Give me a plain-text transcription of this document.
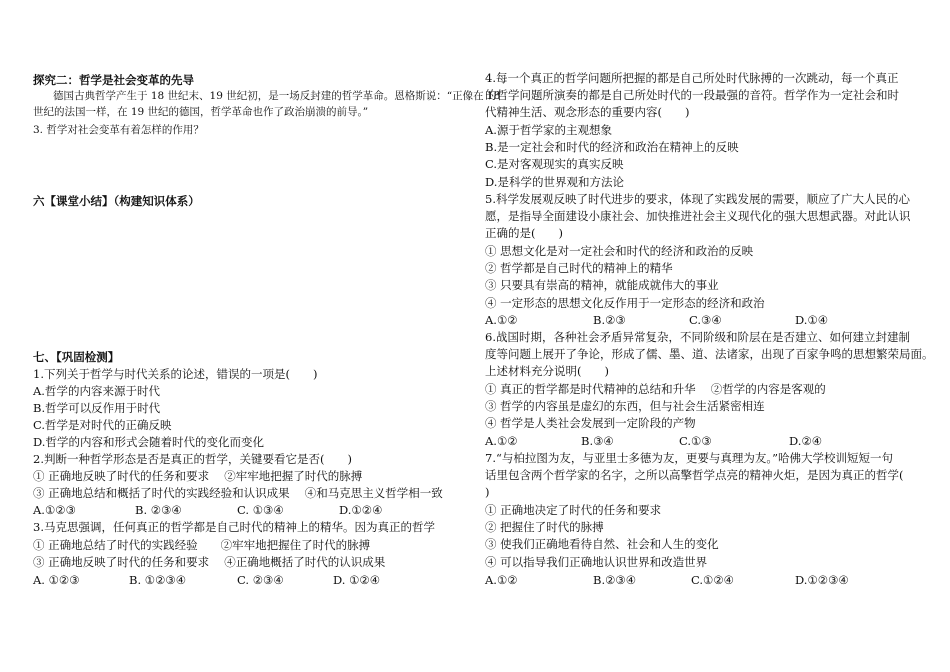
探究二：哲学是社会变革的先导
德国古典哲学产生于 18 世纪末、19 世纪初，是一场反封建的哲学革命。恩格斯说：“正像在 18
世纪的法国一样，在 19 世纪的德国，哲学革命也作了政治崩溃的前导。”
3. 哲学对社会变革有着怎样的作用？
六【课堂小结】（构建知识体系）
七、【巩固检测】
1.下列关于哲学与时代关系的论述，错误的一项是(　　)
A.哲学的内容来源于时代
B.哲学可以反作用于时代
C.哲学是对时代的正确反映
D.哲学的内容和形式会随着时代的变化而变化
2.判断一种哲学形态是否是真正的哲学，关键要看它是否(　　)
① 正确地反映了时代的任务和要求　 ②牢牢地把握了时代的脉搏
③ 正确地总结和概括了时代的实践经验和认识成果　 ④和马克思主义哲学相一致
A.①②③	B. ②③④	C. ①③④	D.①②④
3.马克思强调，任何真正的哲学都是自己时代的精神上的精华。因为真正的哲学
① 正确地总结了时代的实践经验　　②牢牢地把握住了时代的脉搏
③ 正确地反映了时代的任务和要求　 ④正确地概括了时代的认识成果
A. ①②③	B. ①②③④	C. ②③④	D. ①②④
4.每一个真正的哲学问题所把握的都是自己所处时代脉搏的一次跳动，每一个真正
的哲学问题所演奏的都是自己所处时代的一段最强的音符。哲学作为一定社会和时
代精神生活、观念形态的重要内容(　　)
A.源于哲学家的主观想象
B.是一定社会和时代的经济和政治在精神上的反映
C.是对客观现实的真实反映
D.是科学的世界观和方法论
5.科学发展观反映了时代进步的要求，体现了实践发展的需要，顺应了广大人民的心
愿，是指导全面建设小康社会、加快推进社会主义现代化的强大思想武器。对此认识
正确的是(　　)
① 思想文化是对一定社会和时代的经济和政治的反映
② 哲学都是自己时代的精神上的精华
③ 只要具有崇高的精神，就能成就伟大的事业
④ 一定形态的思想文化反作用于一定形态的经济和政治
A.①②	B.②③	C.③④	D.①④
6.战国时期，各种社会矛盾异常复杂，不同阶级和阶层在是否建立、如何建立封建制
度等问题上展开了争论，形成了儒、墨、道、法诸家，出现了百家争鸣的思想繁荣局面。
上述材料充分说明(　　)
① 真正的哲学都是时代精神的总结和升华　 ②哲学的内容是客观的
③ 哲学的内容虽是虚幻的东西，但与社会生活紧密相连
④ 哲学是人类社会发展到一定阶段的产物
A.①②	B.③④	C.①③	D.②④
7.“与柏拉图为友，与亚里士多德为友，更要与真理为友。”哈佛大学校训短短一句
话里包含两个哲学家的名字，之所以高擎哲学点亮的精神火炬，是因为真正的哲学(
)
① 正确地决定了时代的任务和要求
② 把握住了时代的脉搏
③ 使我们正确地看待自然、社会和人生的变化
④ 可以指导我们正确地认识世界和改造世界
A.①②	B.②③④	C.①②④	D.①②③④
